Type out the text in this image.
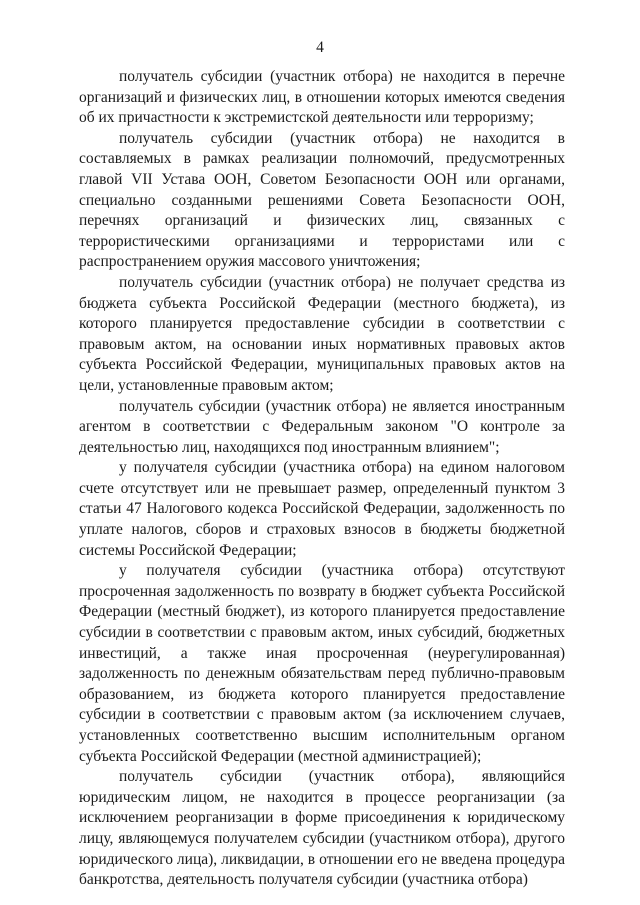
4

получатель субсидии (участник отбора) не находится в перечне организаций и физических лиц, в отношении которых имеются сведения об их причастности к экстремистской деятельности или терроризму;

получатель субсидии (участник отбора) не находится в составляемых в рамках реализации полномочий, предусмотренных главой VII Устава ООН, Советом Безопасности ООН или органами, специально созданными решениями Совета Безопасности ООН, перечнях организаций и физических лиц, связанных с террористическими организациями и террористами или с распространением оружия массового уничтожения;

получатель субсидии (участник отбора) не получает средства из бюджета субъекта Российской Федерации (местного бюджета), из которого планируется предоставление субсидии в соответствии с правовым актом, на основании иных нормативных правовых актов субъекта Российской Федерации, муниципальных правовых актов на цели, установленные правовым актом;

получатель субсидии (участник отбора) не является иностранным агентом в соответствии с Федеральным законом "О контроле за деятельностью лиц, находящихся под иностранным влиянием";

у получателя субсидии (участника отбора) на едином налоговом счете отсутствует или не превышает размер, определенный пунктом 3 статьи 47 Налогового кодекса Российской Федерации, задолженность по уплате налогов, сборов и страховых взносов в бюджеты бюджетной системы Российской Федерации;

у получателя субсидии (участника отбора) отсутствуют просроченная задолженность по возврату в бюджет субъекта Российской Федерации (местный бюджет), из которого планируется предоставление субсидии в соответствии с правовым актом, иных субсидий, бюджетных инвестиций, а также иная просроченная (неурегулированная) задолженность по денежным обязательствам перед публично-правовым образованием, из бюджета которого планируется предоставление субсидии в соответствии с правовым актом (за исключением случаев, установленных соответственно высшим исполнительным органом субъекта Российской Федерации (местной администрацией);

получатель субсидии (участник отбора), являющийся юридическим лицом, не находится в процессе реорганизации (за исключением реорганизации в форме присоединения к юридическому лицу, являющемуся получателем субсидии (участником отбора), другого юридического лица), ликвидации, в отношении его не введена процедура банкротства, деятельность получателя субсидии (участника отбора)
